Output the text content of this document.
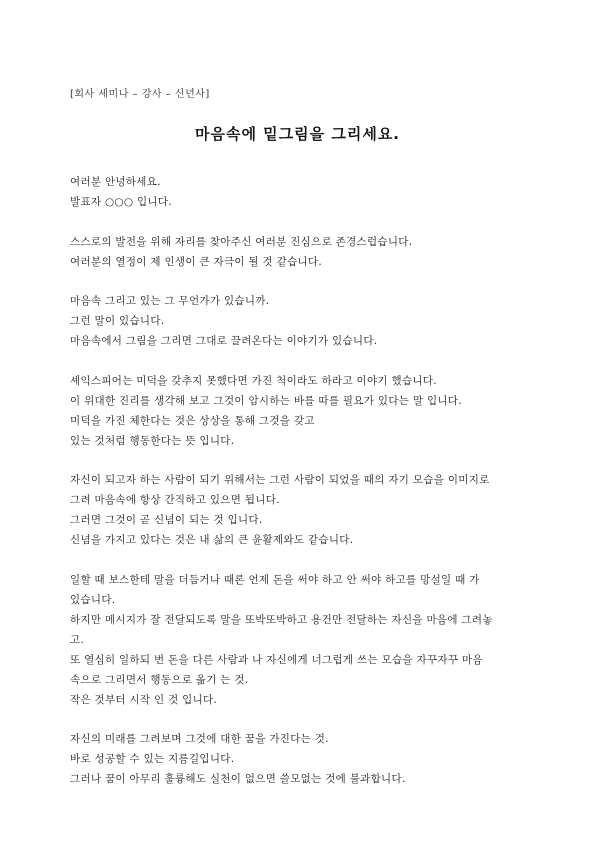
[회사 세미나 – 강사 – 신년사]
마음속에 밑그림을 그리세요.
여러분 안녕하세요.
발표자 ○○○ 입니다.
스스로의 발전을 위해 자리를 찾아주신 여러분 진심으로 존경스럽습니다.
여러분의 열정이 제 인생이 큰 자극이 될 것 같습니다.
마음속 그리고 있는 그 무언가가 있습니까.
그런 말이 있습니다.
마음속에서 그림을 그리면 그대로 끌려온다는 이야기가 있습니다.
셰익스피어는 미덕을 갖추지 못했다면 가진 척이라도 하라고 이야기 했습니다.
이 위대한 진리를 생각해 보고 그것이 암시하는 바를 따를 필요가 있다는 말 입니다.
미덕을 가진 체한다는 것은 상상을 통해 그것을 갖고
있는 것처럼 행동한다는 뜻 입니다.
자신이 되고자 하는 사람이 되기 위해서는 그런 사람이 되었을 때의 자기 모습을 이미지로
그려 마음속에 항상 간직하고 있으면 됩니다.
그러면 그것이 곧 신념이 되는 것 입니다.
신념을 가지고 있다는 것은 내 삶의 큰 윤활제와도 같습니다.
일할 때 보스한테 말을 더듬거나 때론 언제 돈을 써야 하고 안 써야 하고를 망설일 때 가
있습니다.
하지만 메시지가 잘 전달되도록 말을 또박또박하고 용건만 전달하는 자신을 마음에 그려놓
고.
또 열심히 일하되 번 돈을 다른 사람과 나 자신에게 너그럽게 쓰는 모습을 자꾸자꾸 마음
속으로 그리면서 행동으로 옮기 는 것.
작은 것부터 시작 인 것 입니다.
자신의 미래를 그려보며 그것에 대한 꿈을 가진다는 것.
바로 성공할 수 있는 지름길입니다.
그러나 꿈이 아무리 훌륭해도 실천이 없으면 쓸모없는 것에 불과합니다.
